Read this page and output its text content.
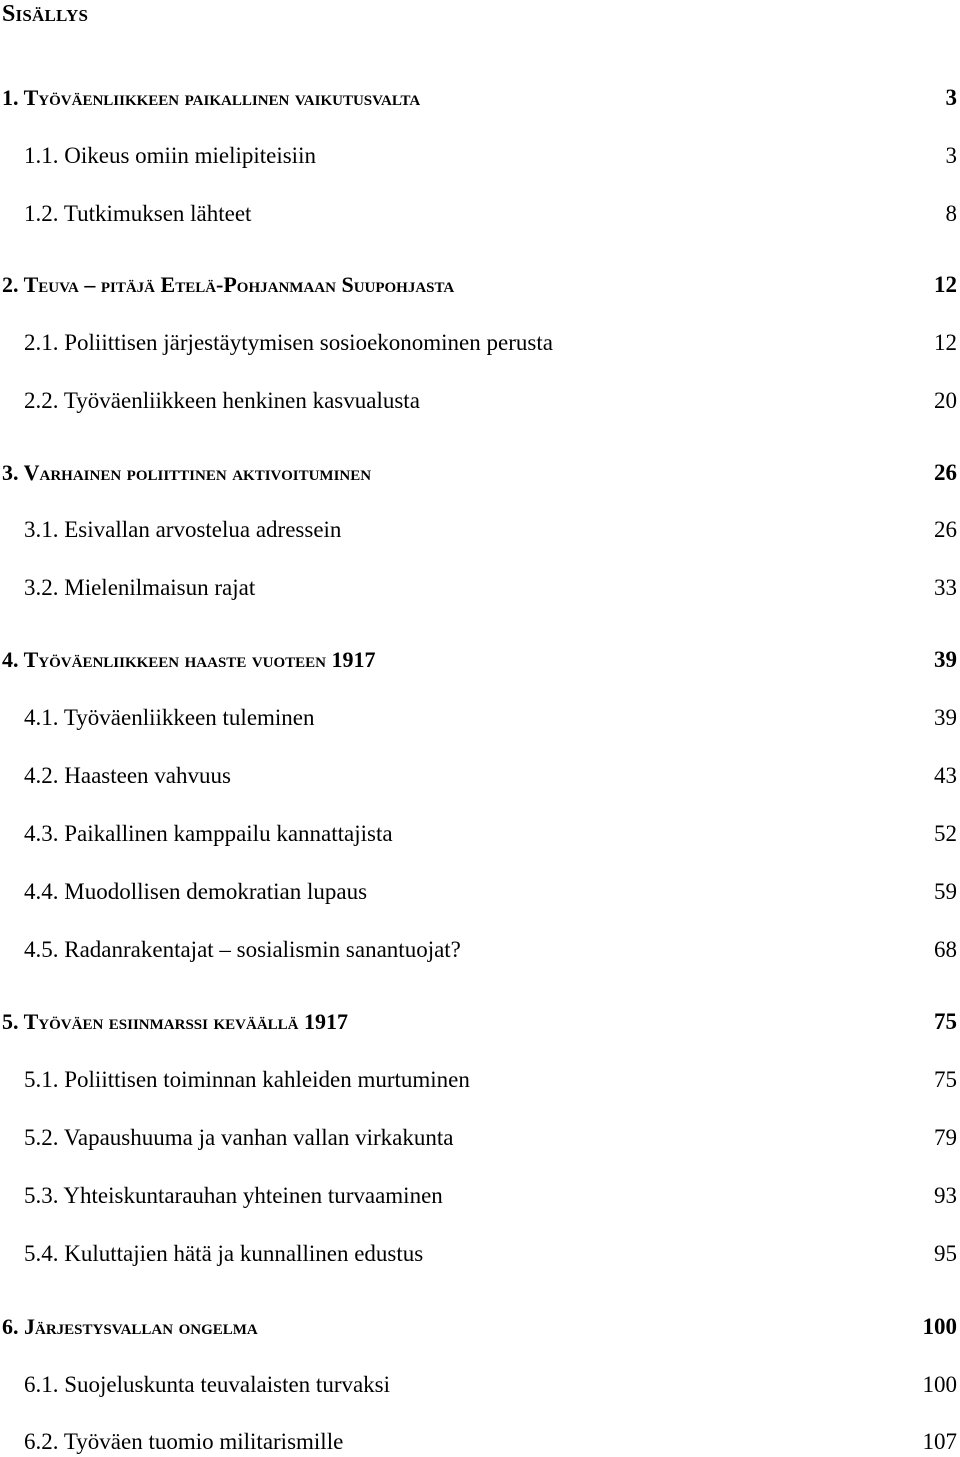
Sisällys
1. Työväenliikkeen paikallinen vaikutusvalta	3
1.1. Oikeus omiin mielipiteisiin	3
1.2. Tutkimuksen lähteet	8
2. Teuva – pitäjä Etelä-Pohjanmaan Suupohjasta	12
2.1. Poliittisen järjestäytymisen sosioekonominen perusta	12
2.2. Työväenliikkeen henkinen kasvualusta	20
3. Varhainen poliittinen aktivoituminen	26
3.1. Esivallan arvostelua adressein	26
3.2. Mielenilmaisun rajat	33
4. Työväenliikkeen haaste vuoteen 1917	39
4.1. Työväenliikkeen tuleminen	39
4.2. Haasteen vahvuus	43
4.3. Paikallinen kamppailu kannattajista	52
4.4. Muodollisen demokratian lupaus	59
4.5. Radanrakentajat – sosialismin sanantuojat?	68
5. Työväen esiinmarssi keväällä 1917	75
5.1. Poliittisen toiminnan kahleiden murtuminen	75
5.2. Vapaushuuma ja vanhan vallan virkakunta	79
5.3. Yhteiskuntarauhan yhteinen turvaaminen	93
5.4. Kuluttajien hätä ja kunnallinen edustus	95
6. Järjestysvallan ongelma	100
6.1. Suojeluskunta teuvalaisten turvaksi	100
6.2. Työväen tuomio militarismille	107
